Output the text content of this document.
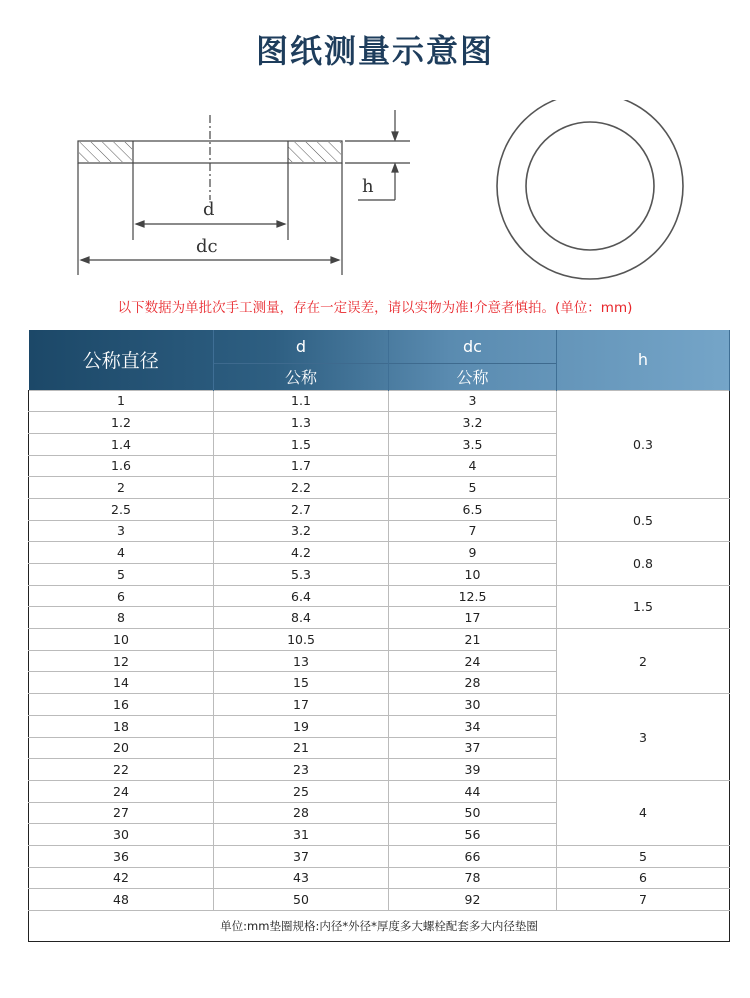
图纸测量示意图
d
dc
h
以下数据为单批次手工测量，存在一定误差，请以实物为准!介意者慎拍。(单位：mm)
公称直径	d	dc	h
	公称	公称	
1	1.1	3	0.3
1.2	1.3	3.2	
1.4	1.5	3.5	
1.6	1.7	4	
2	2.2	5	
2.5	2.7	6.5	0.5
3	3.2	7	
4	4.2	9	0.8
5	5.3	10	
6	6.4	12.5	1.5
8	8.4	17	
10	10.5	21	2
12	13	24	
14	15	28	
16	17	30	3
18	19	34	
20	21	37	
22	23	39	
24	25	44	4
27	28	50	
30	31	56	
36	37	66	5
42	43	78	6
48	50	92	7
单位:mm垫圈规格:内径*外径*厚度多大螺栓配套多大内径垫圈			
